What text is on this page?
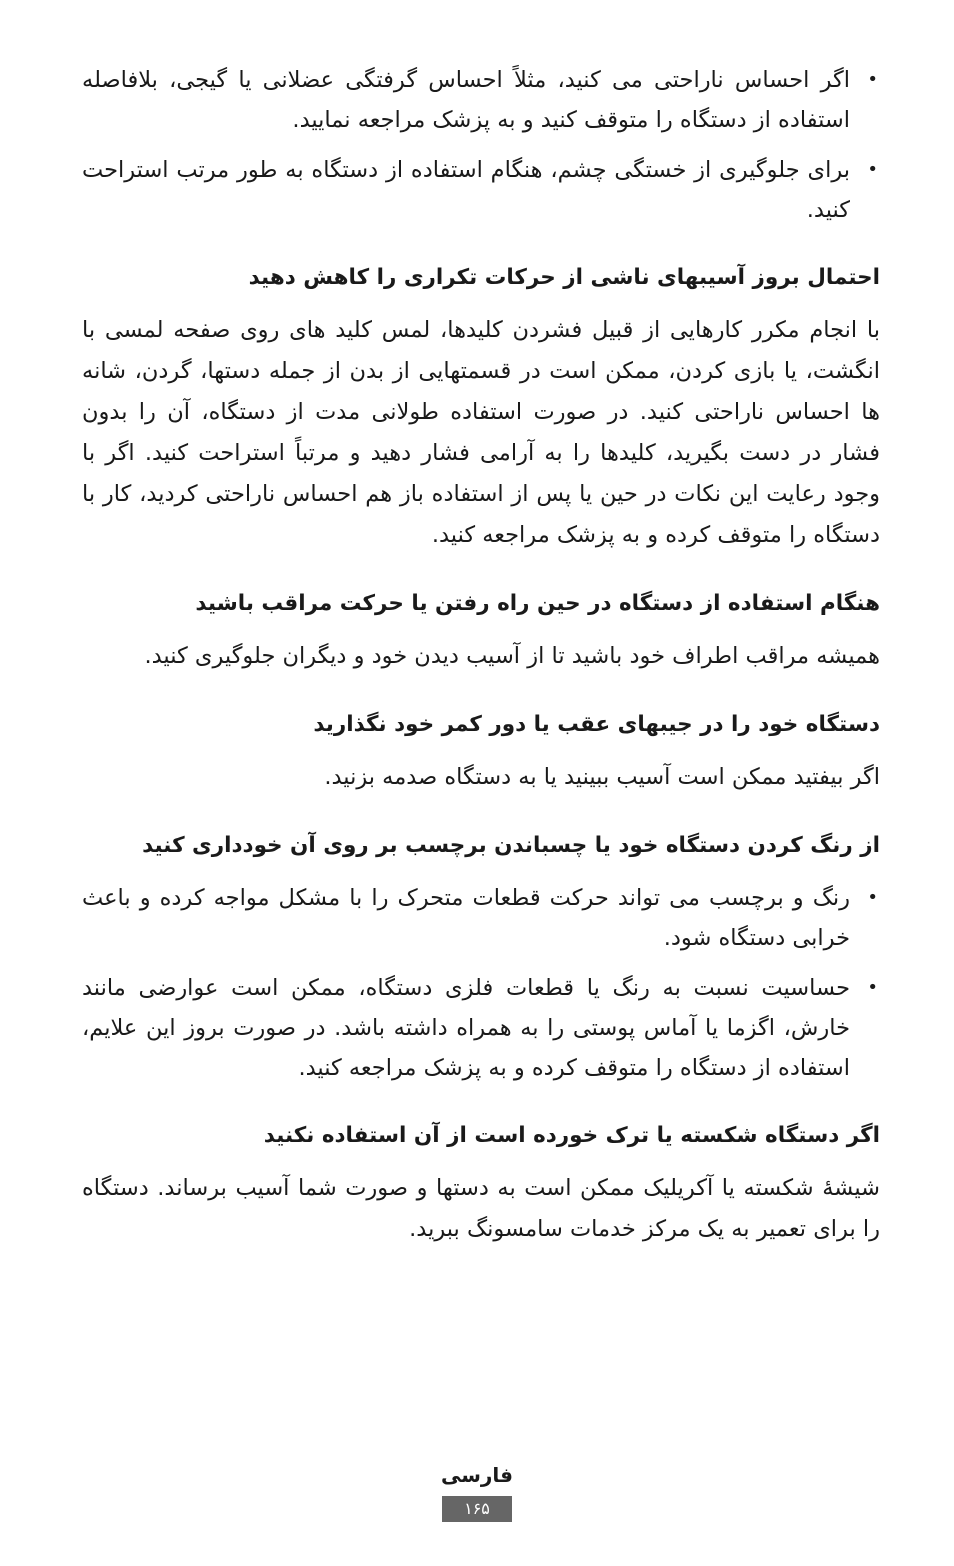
•
اگر احساس ناراحتی می کنید، مثلاً احساس گرفتگی عضلانی یا گیجی، بلافاصله استفاده از دستگاه را متوقف کنید و به پزشک مراجعه نمایید.
•
برای جلوگیری از خستگی چشم، هنگام استفاده از دستگاه به طور مرتب استراحت کنید.
احتمال بروز آسیبهای ناشی از حرکات تکراری را کاهش دهید

با انجام مکرر کارهایی از قبیل فشردن کلیدها، لمس کلید های روی صفحه لمسی با انگشت، یا بازی کردن، ممکن است در قسمتهایی از بدن از جمله دستها، گردن، شانه ها احساس ناراحتی کنید. در صورت استفاده طولانی مدت از دستگاه، آن را بدون فشار در دست بگیرید، کلیدها را به آرامی فشار دهید و مرتباً استراحت کنید. اگر با وجود رعایت این نکات در حین یا پس از استفاده باز هم احساس ناراحتی کردید، کار با دستگاه را متوقف کرده و به پزشک مراجعه کنید.

هنگام استفاده از دستگاه در حین راه رفتن یا حرکت مراقب باشید

همیشه مراقب اطراف خود باشید تا از آسیب دیدن خود و دیگران جلوگیری کنید.

دستگاه خود را در جیبهای عقب یا دور کمر خود نگذارید

اگر بیفتید ممکن است آسیب ببینید یا به دستگاه صدمه بزنید.

از رنگ کردن دستگاه خود یا چسباندن برچسب بر روی آن خودداری کنید
•
رنگ و برچسب می تواند حرکت قطعات متحرک را با مشکل مواجه کرده و باعث خرابی دستگاه شود.
•
حساسیت نسبت به رنگ یا قطعات فلزی دستگاه، ممکن است عوارضی مانند خارش، اگزما یا آماس پوستی را به همراه داشته باشد. در صورت بروز این علایم، استفاده از دستگاه را متوقف کرده و به پزشک مراجعه کنید.
اگر دستگاه شکسته یا ترک خورده است از آن استفاده نکنید

شیشهٔ شکسته یا آکریلیک ممکن است به دستها و صورت شما آسیب برساند. دستگاه را برای تعمیر به یک مرکز خدمات سامسونگ ببرید.

فارسی
۱۶۵
